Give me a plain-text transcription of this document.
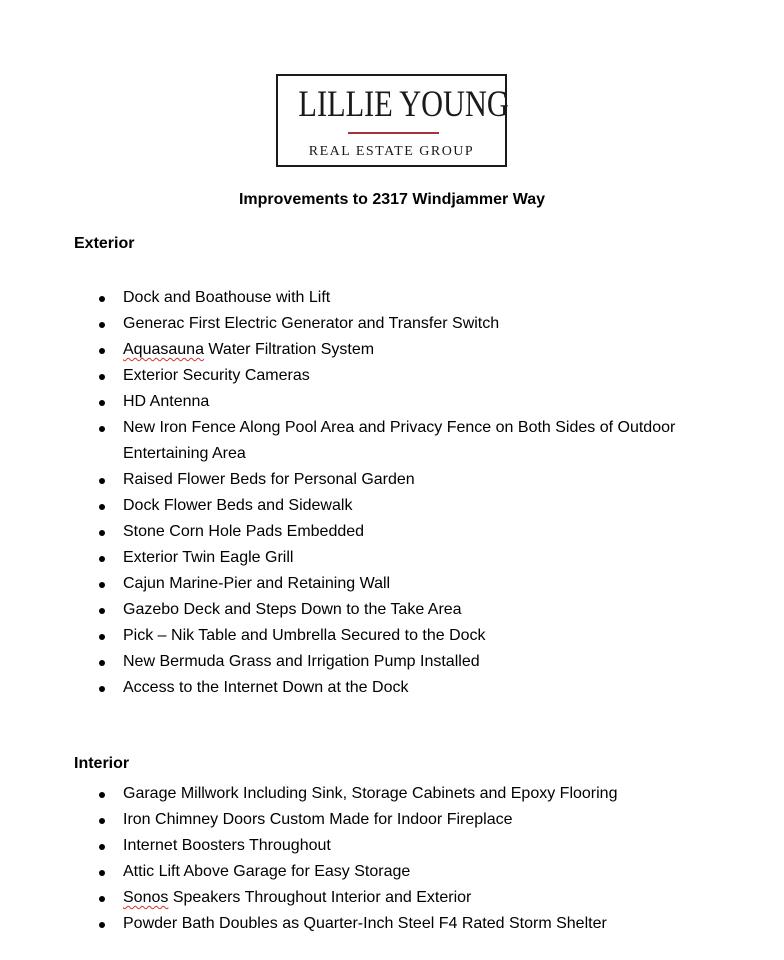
LILLIE YOUNG
REAL ESTATE GROUP
Improvements to 2317 Windjammer Way
Exterior
Dock and Boathouse with Lift
Generac First Electric Generator and Transfer Switch
Aquasauna Water Filtration System
Exterior Security Cameras
HD Antenna
New Iron Fence Along Pool Area and Privacy Fence on Both Sides of Outdoor Entertaining Area
Raised Flower Beds for Personal Garden
Dock Flower Beds and Sidewalk
Stone Corn Hole Pads Embedded
Exterior Twin Eagle Grill
Cajun Marine-Pier and Retaining Wall
Gazebo Deck and Steps Down to the Take Area
Pick – Nik Table and Umbrella Secured to the Dock
New Bermuda Grass and Irrigation Pump Installed
Access to the Internet Down at the Dock
Interior
Garage Millwork Including Sink, Storage Cabinets and Epoxy Flooring
Iron Chimney Doors Custom Made for Indoor Fireplace
Internet Boosters Throughout
Attic Lift Above Garage for Easy Storage
Sonos Speakers Throughout Interior and Exterior
Powder Bath Doubles as Quarter-Inch Steel F4 Rated Storm Shelter
